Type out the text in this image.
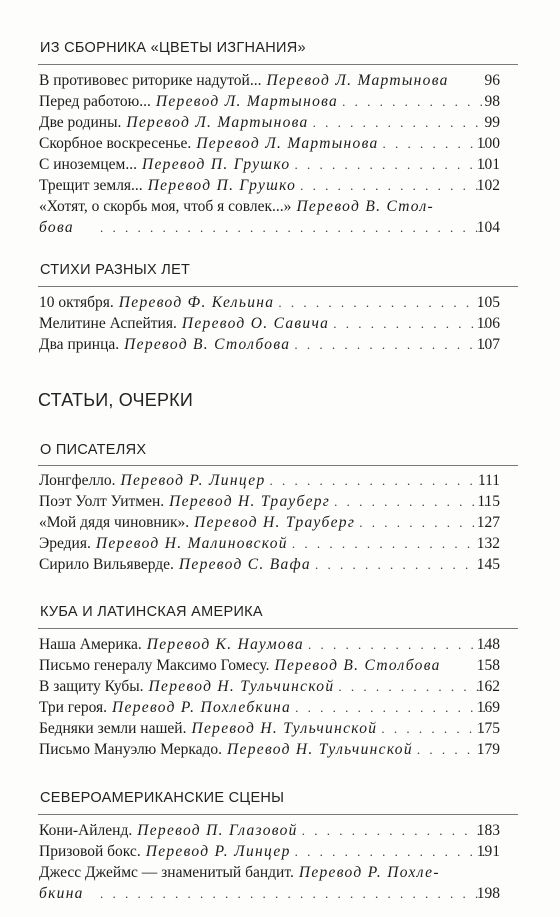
ИЗ СБОРНИКА «ЦВЕТЫ ИЗГНАНИЯ»
В противовес риторике надутой... Перевод Л. Мартынова	96
Перед работою... Перевод Л. Мартынова . . .	98
Две родины. Перевод Л. Мартынова . . .	99
Скорбное воскресенье. Перевод Л. Мартынова . . .	100
С иноземцем... Перевод П. Грушко . . .	101
Трещит земля... Перевод П. Грушко . . .	102
«Хотят, о скорбь моя, чтоб я совлек...» Перевод В. Стол-
. . .
бова	104
СТИХИ РАЗНЫХ ЛЕТ
10 октября. Перевод Ф. Кельина . . .	105
Мелитине Аспейтия. Перевод О. Савича . . .	106
Два принца. Перевод В. Столбова . . .	107
СТАТЬИ, ОЧЕРКИ
О ПИСАТЕЛЯХ
Лонгфелло. Перевод Р. Линцер . . .	111
Поэт Уолт Уитмен. Перевод Н. Трауберг . . .	115
«Мой дядя чиновник». Перевод Н. Трауберг . . .	127
Эредия. Перевод Н. Малиновской . . .	132
Сирило Вильяверде. Перевод С. Вафа . . .	145
КУБА И ЛАТИНСКАЯ АМЕРИКА
Наша Америка. Перевод К. Наумова . . .	148
Письмо генералу Максимо Гомесу. Перевод В. Столбова	158
В защиту Кубы. Перевод Н. Тульчинской . . .	162
Три героя. Перевод Р. Похлебкина . . .	169
Бедняки земли нашей. Перевод Н. Тульчинской . . .	175
Письмо Мануэлю Меркадо. Перевод Н. Тульчинской . . .	179
СЕВЕРОАМЕРИКАНСКИЕ СЦЕНЫ
Кони-Айленд. Перевод П. Глазовой . . .	183
Призовой бокс. Перевод Р. Линцер . . .	191
Джесс Джеймс — знаменитый бандит. Перевод Р. Похле-
. . .
бкина	198
